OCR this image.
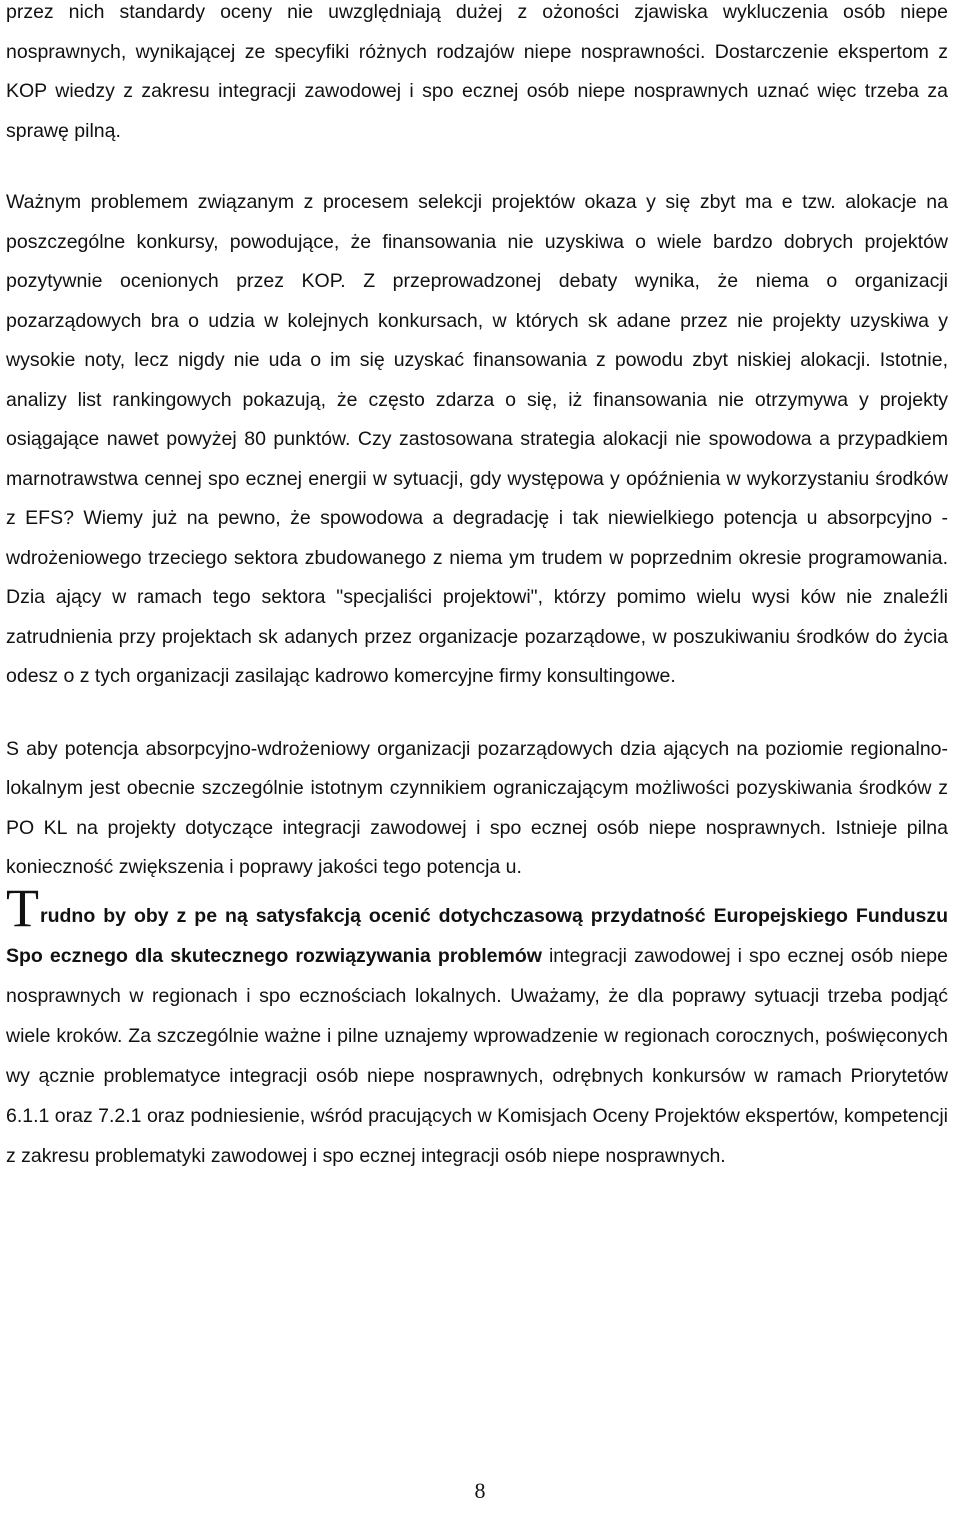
przez nich standardy oceny nie uwzględniają dużej z ożoności zjawiska wykluczenia osób niepe nosprawnych, wynikającej ze specyfiki różnych rodzajów niepe nosprawności. Dostarczenie ekspertom z KOP wiedzy z zakresu integracji zawodowej i spo ecznej osób niepe nosprawnych uznać więc trzeba za sprawę pilną.

Ważnym problemem związanym z procesem selekcji projektów okaza y się zbyt ma e tzw. alokacje na poszczególne konkursy, powodujące, że finansowania nie uzyskiwa o wiele bardzo dobrych projektów pozytywnie ocenionych przez KOP. Z przeprowadzonej debaty wynika, że niema o organizacji pozarządowych bra o udzia w kolejnych konkursach, w których sk adane przez nie projekty uzyskiwa y wysokie noty, lecz nigdy nie uda o im się uzyskać finansowania z powodu zbyt niskiej alokacji. Istotnie, analizy list rankingowych pokazują, że często zdarza o się, iż finansowania nie otrzymywa y projekty osiągające nawet powyżej 80 punktów. Czy zastosowana strategia alokacji nie spowodowa a przypadkiem marnotrawstwa cennej spo ecznej energii w sytuacji, gdy występowa y opóźnienia w wykorzystaniu środków z EFS? Wiemy już na pewno, że spowodowa a degradację i tak niewielkiego potencja u absorpcyjno - wdrożeniowego trzeciego sektora zbudowanego z niema ym trudem w poprzednim okresie programowania. Dzia ający w ramach tego sektora "specjaliści projektowi", którzy pomimo wielu wysi ków nie znaleźli zatrudnienia przy projektach sk adanych przez organizacje pozarządowe, w poszukiwaniu środków do życia odesz o z tych organizacji zasilając kadrowo komercyjne firmy konsultingowe.

S aby potencja absorpcyjno-wdrożeniowy organizacji pozarządowych dzia ających na poziomie regionalno-lokalnym jest obecnie szczególnie istotnym czynnikiem ograniczającym możliwości pozyskiwania środków z PO KL na projekty dotyczące integracji zawodowej i spo ecznej osób niepe nosprawnych. Istnieje pilna konieczność zwiększenia i poprawy jakości tego potencja u.

Trudno by oby z pe ną satysfakcją ocenić dotychczasową przydatność Europejskiego Funduszu Spo ecznego dla skutecznego rozwiązywania problemów integracji zawodowej i spo ecznej osób niepe nosprawnych w regionach i spo ecznościach lokalnych. Uważamy, że dla poprawy sytuacji trzeba podjąć wiele kroków. Za szczególnie ważne i pilne uznajemy wprowadzenie w regionach corocznych, poświęconych wy ącznie problematyce integracji osób niepe nosprawnych, odrębnych konkursów w ramach Priorytetów 6.1.1 oraz 7.2.1 oraz podniesienie, wśród pracujących w Komisjach Oceny Projektów ekspertów, kompetencji z zakresu problematyki zawodowej i spo ecznej integracji osób niepe nosprawnych.

8
